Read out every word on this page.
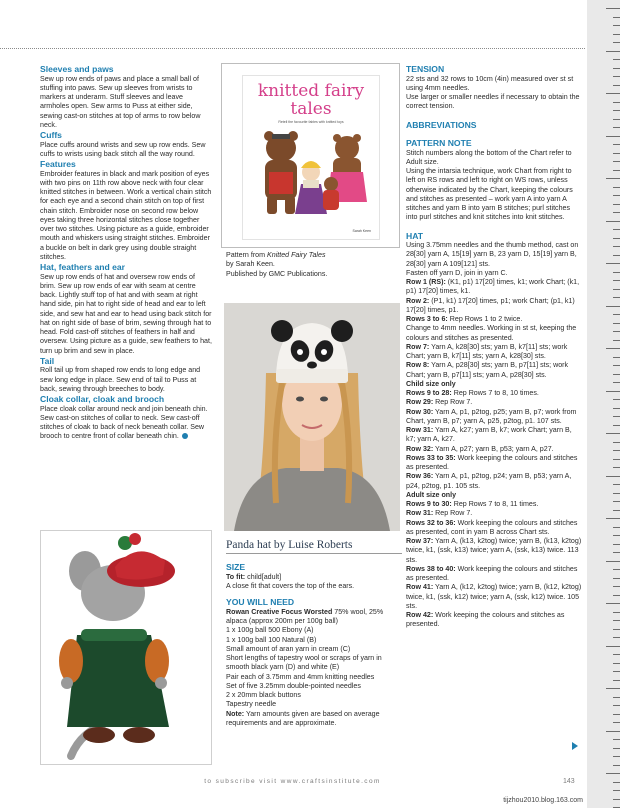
Sleeves and paws

Sew up row ends of paws and place a small ball of stuffing into paws. Sew up sleeves from wrists to markers at underarm. Stuff sleeves and leave armholes open. Sew arms to Puss at either side, sewing cast-on stitches at top of arms to row below neck.

Cuffs

Place cuffs around wrists and sew up row ends. Sew cuffs to wrists using back stitch all the way round.

Features

Embroider features in black and mark position of eyes with two pins on 11th row above neck with four clear knitted stitches in between. Work a vertical chain stitch for each eye and a second chain stitch on top of first chain stitch. Embroider nose on second row below eyes taking three horizontal stitches close together over two stitches. Using picture as a guide, embroider mouth and whiskers using straight stitches. Embroider a buckle on belt in dark grey using double straight stitches.

Hat, feathers and ear

Sew up row ends of hat and oversew row ends of brim. Sew up row ends of ear with seam at centre back. Lightly stuff top of hat and with seam at right hand side, pin hat to right side of head and ear to left side, and sew hat and ear to head using back stitch for hat on right side of base of brim, sewing through hat to head. Fold cast-off stitches of feathers in half and oversew. Using picture as a guide, sew feathers to hat, turn up brim and sew in place.

Tail

Roll tail up from shaped row ends to long edge and sew long edge in place. Sew end of tail to Puss at back, sewing through breeches to body.

Cloak collar, cloak and brooch

Place cloak collar around neck and join beneath chin. Sew cast-on stitches of collar to neck. Sew cast-off stitches of cloak to back of neck beneath collar. Sew brooch to centre front of collar beneath chin.

knitted fairy tales
Retell the favourite fables with knitted toys
Sarah Keen

Pattern from Knitted Fairy Tales

by Sarah Keen.

Published by GMC Publications.

Panda hat by Luise Roberts
SIZE

To fit: child[adult]

A close fit that covers the top of the ears.

YOU WILL NEED

Rowan Creative Focus Worsted 75% wool, 25% alpaca (approx 200m per 100g ball)

1 x 100g ball 500 Ebony (A)

1 x 100g ball 100 Natural (B)

Small amount of aran yarn in cream (C)

Short lengths of tapestry wool or scraps of yarn in smooth black yarn (D) and white (E)

Pair each of 3.75mm and 4mm knitting needles

Set of five 3.25mm double-pointed needles

2 x 20mm black buttons

Tapestry needle

Note: Yarn amounts given are based on average requirements and are approximate.

TENSION

22 sts and 32 rows to 10cm (4in) measured over st st using 4mm needles.

Use larger or smaller needles if necessary to obtain the correct tension.

ABBREVIATIONS
PATTERN NOTE

Stitch numbers along the bottom of the Chart refer to Adult size.

Using the intarsia technique, work Chart from right to left on RS rows and left to right on WS rows, unless otherwise indicated by the Chart, keeping the colours and stitches as presented – work yarn A into yarn A stitches and yarn B into yarn B stitches; purl stitches into purl stitches and knit stitches into knit stitches.

HAT

Using 3.75mm needles and the thumb method, cast on 28[30] yarn A, 15[19] yarn B, 23 yarn D, 15[19] yarn B, 28[30] yarn A 109[121] sts.

Fasten off yarn D, join in yarn C.

Row 1 (RS): (K1, p1) 17[20] times, k1; work Chart; (k1, p1) 17[20] times, k1.

Row 2: (P1, k1) 17[20] times, p1; work Chart; (p1, k1) 17[20] times, p1.

Rows 3 to 6: Rep Rows 1 to 2 twice.

Change to 4mm needles. Working in st st, keeping the colours and stitches as presented.

Row 7: Yarn A, k28[30] sts; yarn B, k7[11] sts; work Chart; yarn B, k7[11] sts; yarn A, k28[30] sts.

Row 8: Yarn A, p28[30] sts; yarn B, p7[11] sts; work Chart; yarn B, p7[11] sts; yarn A, p28[30] sts.

Child size only

Rows 9 to 28: Rep Rows 7 to 8, 10 times.

Row 29: Rep Row 7.

Row 30: Yarn A, p1, p2tog, p25; yarn B, p7; work from Chart, yarn B, p7; yarn A, p25, p2tog, p1. 107 sts.

Row 31: Yarn A, k27; yarn B, k7; work Chart; yarn B, k7; yarn A, k27.

Row 32: Yarn A, p27; yarn B, p53; yarn A, p27.

Rows 33 to 35: Work keeping the colours and stitches as presented.

Row 36: Yarn A, p1, p2tog, p24; yarn B, p53; yarn A, p24, p2tog, p1. 105 sts.

Adult size only

Rows 9 to 30: Rep Rows 7 to 8, 11 times.

Row 31: Rep Row 7.

Rows 32 to 36: Work keeping the colours and stitches as presented, cont in yarn B across Chart sts.

Row 37: Yarn A, (k13, k2tog) twice; yarn B, (k13, k2tog) twice, k1, (ssk, k13) twice; yarn A, (ssk, k13) twice. 113 sts.

Rows 38 to 40: Work keeping the colours and stitches as presented.

Row 41: Yarn A, (k12, k2tog) twice; yarn B, (k12, k2tog) twice, k1, (ssk, k12) twice; yarn A, (ssk, k12) twice. 105 sts.

Row 42: Work keeping the colours and stitches as presented.

to subscribe visit www.craftsinstitute.com	143
tijzhou2010.blog.163.com
